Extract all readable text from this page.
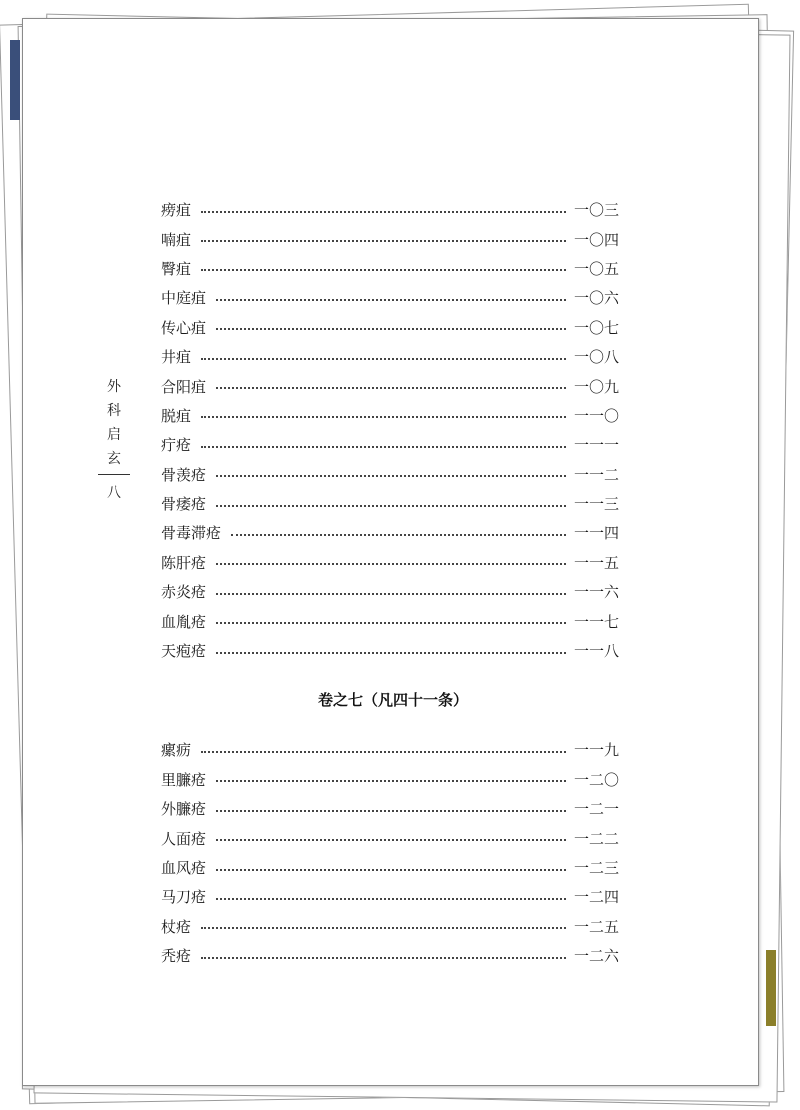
外
科
启
玄
八
痨疽	一〇三
喃疽	一〇四
臀疽	一〇五
中庭疽	一〇六
传心疽	一〇七
井疽	一〇八
合阳疽	一〇九
脱疽	一一〇
疔疮	一一一
骨羡疮	一一二
骨痿疮	一一三
骨毒滞疮	一一四
陈肝疮	一一五
赤炎疮	一一六
血胤疮	一一七
天疱疮	一一八
卷之七（凡四十一条）
瘰疬	一一九
里臁疮	一二〇
外臁疮	一二一
人面疮	一二二
血风疮	一二三
马刀疮	一二四
杖疮	一二五
秃疮	一二六
